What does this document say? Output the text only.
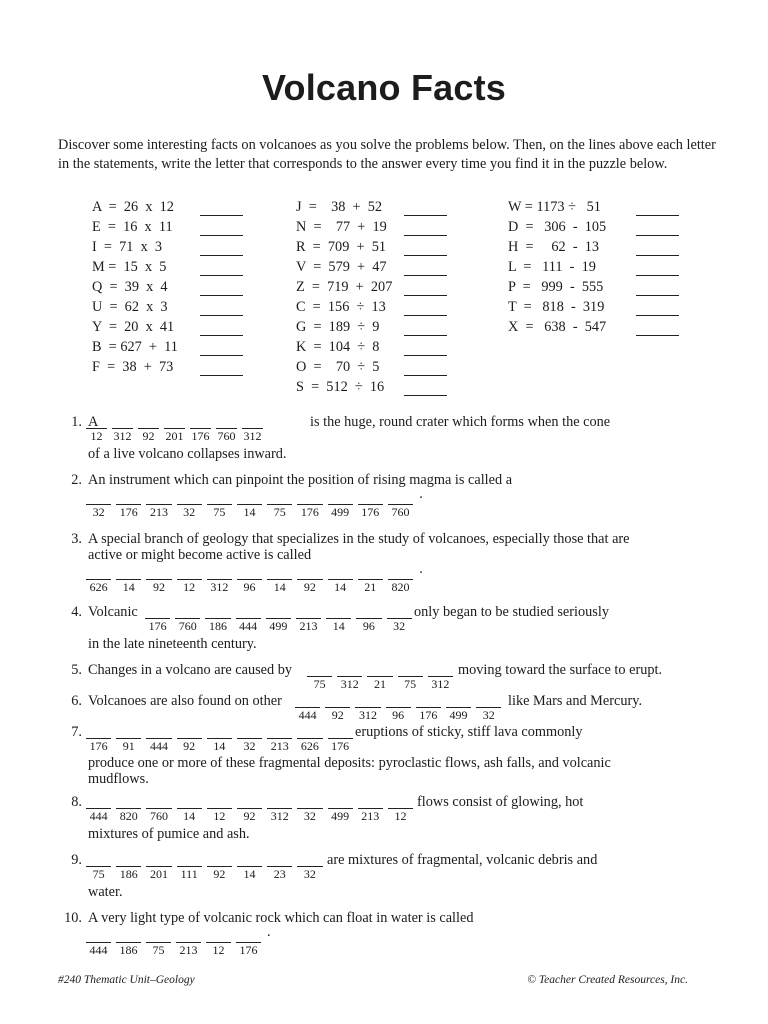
Volcano Facts
Discover some interesting facts on volcanoes as you solve the problems below. Then, on the lines above each letter in the statements, write the letter that corresponds to the answer every time you find it in the puzzle below.
A  =  26  x  12
E  =  16  x  11
I  =  71  x  3
M =  15  x  5
Q  =  39  x  4
U  =  62  x  3
Y  =  20  x  41
B  = 627  +  11
F  =  38  +  73
J  =    38  +  52
N  =    77  +  19
R  =  709  +  51
V  =  579  +  47
Z  =  719  +  207
C  =  156  ÷  13
G  =  189  ÷  9
K  =  104  ÷  8
O  =    70  ÷  5
S  =  512  ÷  16
W = 1173 ÷   51
D  =   306  -  105
H  =     62  -  13
L  =   111  -  19
P  =   999  -  555
T  =   818  -  319
X  =   638  -  547
1. A
of a live volcano collapses inward.
12 312 92 201 176 760 312
is the huge, round crater which forms when the cone
2. An instrument which can pinpoint the position of rising magma is called a
32	176 213	32	75	14	75	176 499 176 760
.
3. A special branch of geology that specializes in the study of volcanoes, especially those that are
active or might become active is called
626	14	92	12	312	96	14	92	14	21	820
.
4. Volcanic
in the late nineteenth century.
176 760 186 444 499 213	14	96	32
only began to be studied seriously
5. Changes in a volcano are caused by
75	312	21	75	312
moving toward the surface to erupt.
6. Volcanoes are also found on other
444	92	312	96	176 499	32
like Mars and Mercury.
7.
produce one or more of these fragmental deposits: pyroclastic flows, ash falls, and volcanic
mudflows.
176	91	444	92	14	32	213 626 176
eruptions of sticky, stiff lava commonly
8.
mixtures of pumice and ash.
444 820 760	14	12	92	312	32	499 213	12
flows consist of glowing, hot
9.
water.
75	186 201	111	92	14	23	32
are mixtures of fragmental, volcanic debris and
10. A very light type of volcanic rock which can float in water is called
444 186	75	213	12	176
.
#240 Thematic Unit–Geology	© Teacher Created Resources, Inc.
